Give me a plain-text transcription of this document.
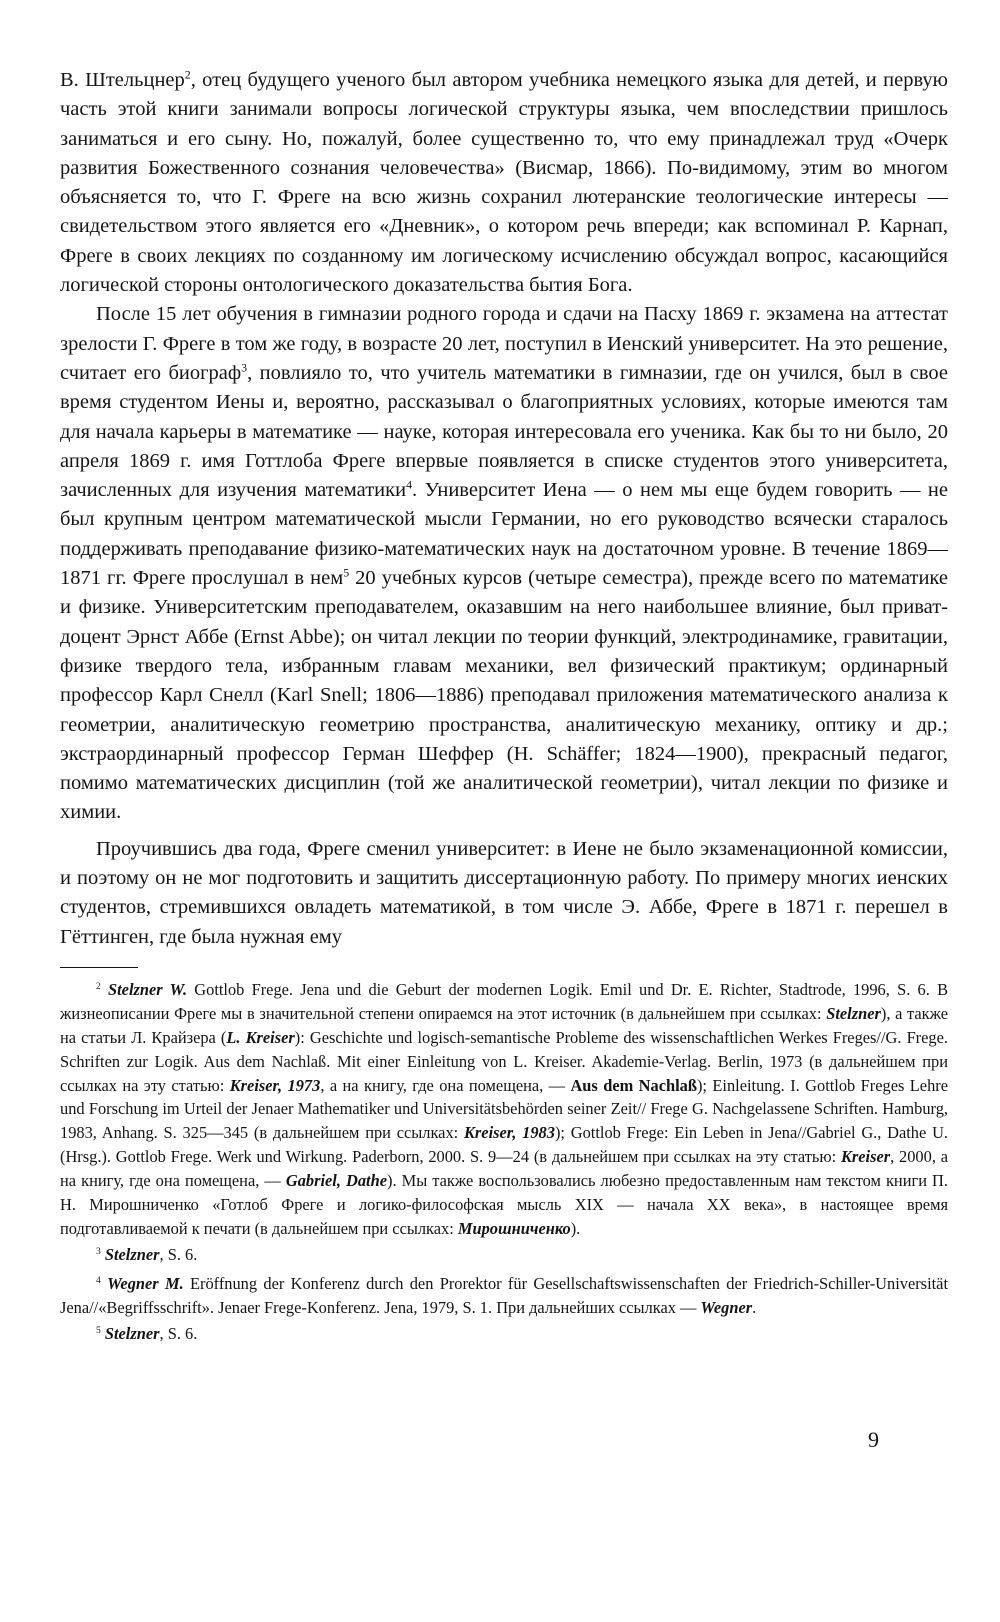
В. Штельцнер$^2$, отец будущего ученого был автором учебника немецкого языка для детей, и первую часть этой книги занимали вопросы логической структуры языка, чем впоследствии пришлось заниматься и его сыну. Но, пожалуй, более существенно то, что ему принадлежал труд «Очерк развития Божественного сознания человечества» (Висмар, 1866). По-видимому, этим во многом объясняется то, что Г. Фреге на всю жизнь сохранил лютеранские теологические интересы — свидетельством этого является его «Дневник», о котором речь впереди; как вспоминал Р. Карнап, Фреге в своих лекциях по созданному им логическому исчислению обсуждал вопрос, касающийся логической стороны онтологического доказательства бытия Бога.

После 15 лет обучения в гимназии родного города и сдачи на Пасху 1869 г. экзамена на аттестат зрелости Г. Фреге в том же году, в возрасте 20 лет, поступил в Иенский университет. На это решение, считает его биограф$^3$, повлияло то, что учитель математики в гимназии, где он учился, был в свое время студентом Иены и, вероятно, рассказывал о благоприятных условиях, которые имеются там для начала карьеры в математике — науке, которая интересовала его ученика. Как бы то ни было, 20 апреля 1869 г. имя Готтлоба Фреге впервые появляется в списке студентов этого университета, зачисленных для изучения математики$^4$. Университет Иена — о нем мы еще будем говорить — не был крупным центром математической мысли Германии, но его руководство всячески старалось поддерживать преподавание физико-математических наук на достаточном уровне. В течение 1869—1871 гг. Фреге прослушал в нем$^5$ 20 учебных курсов (четыре семестра), прежде всего по математике и физике. Университетским преподавателем, оказавшим на него наибольшее влияние, был приват-доцент Эрнст Аббе (Ernst Abbe); он читал лекции по теории функций, электродинамике, гравитации, физике твердого тела, избранным главам механики, вел физический практикум; ординарный профессор Карл Снелл (Karl Snell; 1806—1886) преподавал приложения математического анализа к геометрии, аналитическую геометрию пространства, аналитическую механику, оптику и др.; экстраординарный профессор Герман Шеффер (H. Schäffer; 1824—1900), прекрасный педагог, помимо математических дисциплин (той же аналитической геометрии), читал лекции по физике и химии.

Проучившись два года, Фреге сменил университет: в Иене не было экзаменационной комиссии, и поэтому он не мог подготовить и защитить диссертационную работу. По примеру многих иенских студентов, стремившихся овладеть математикой, в том числе Э. Аббе, Фреге в 1871 г. перешел в Гёттинген, где была нужная ему

$^2$ Stelzner W. Gottlob Frege. Jena und die Geburt der modernen Logik. Emil und Dr. E. Richter, Stadtrode, 1996, S. 6. В жизнеописании Фреге мы в значительной степени опираемся на этот источник (в дальнейшем при ссылках: Stelzner), а также на статьи Л. Крайзера (L. Kreiser): Geschichte und logisch-semantische Probleme des wissenschaftlichen Werkes Freges//G. Frege. Schriften zur Logik. Aus dem Nachlaß. Mit einer Einleitung von L. Kreiser. Akademie-Verlag. Berlin, 1973 (в дальнейшем при ссылках на эту статью: Kreiser, 1973, а на книгу, где она помещена, — Aus dem Nachlaß); Einleitung. I. Gottlob Freges Lehre und Forschung im Urteil der Jenaer Mathematiker und Universitätsbehörden seiner Zeit// Frege G. Nachgelassene Schriften. Hamburg, 1983, Anhang. S. 325—345 (в дальнейшем при ссылках: Kreiser, 1983); Gottlob Frege: Ein Leben in Jena//Gabriel G., Dathe U. (Hrsg.). Gottlob Frege. Werk und Wirkung. Paderborn, 2000. S. 9—24 (в дальнейшем при ссылках на эту статью: Kreiser, 2000, а на книгу, где она помещена, — Gabriel, Dathe). Мы также воспользовались любезно предоставленным нам текстом книги П. Н. Мирошниченко «Готлоб Фреге и логико-философская мысль XIX — начала XX века», в настоящее время подготавливаемой к печати (в дальнейшем при ссылках: Мирошниченко).

$^3$ Stelzner, S. 6.

$^4$ Wegner M. Eröffnung der Konferenz durch den Prorektor für Gesellschaftswissenschaften der Friedrich-Schiller-Universität Jena//«Begriffsschrift». Jenaer Frege-Konferenz. Jena, 1979, S. 1. При дальнейших ссылках — Wegner.

$^5$ Stelzner, S. 6.

9
